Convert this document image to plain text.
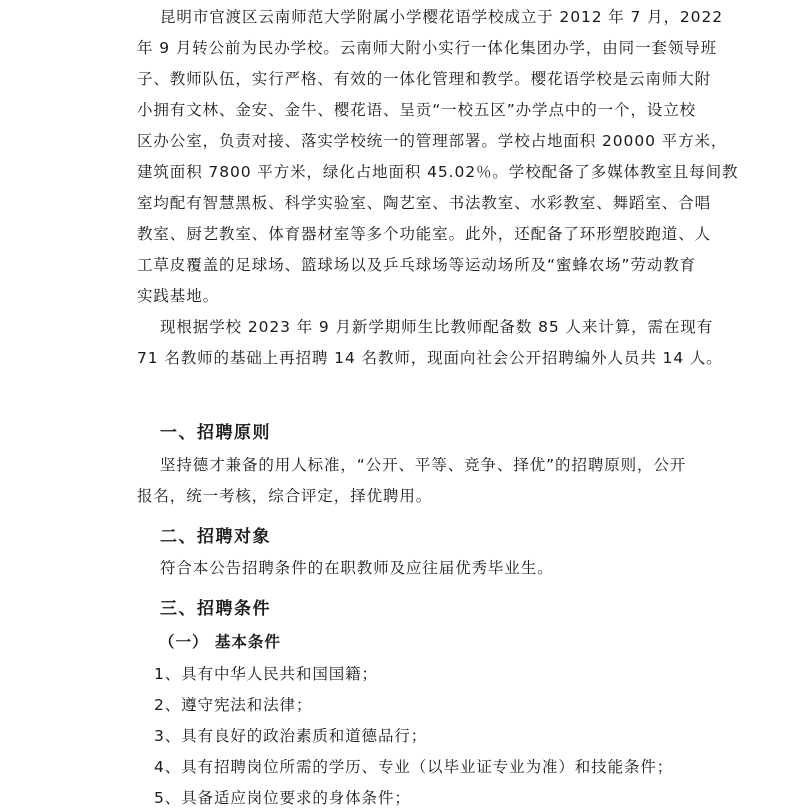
昆明市官渡区云南师范大学附属小学樱花语学校成立于 2012 年 7 月，2022
年 9 月转公前为民办学校。云南师大附小实行一体化集团办学，由同一套领导班
子、教师队伍，实行严格、有效的一体化管理和教学。樱花语学校是云南师大附
小拥有文林、金安、金牛、樱花语、呈贡“一校五区”办学点中的一个，设立校
区办公室，负责对接、落实学校统一的管理部署。学校占地面积 20000 平方米，
建筑面积 7800 平方米，绿化占地面积 45.02％。学校配备了多媒体教室且每间教
室均配有智慧黑板、科学实验室、陶艺室、书法教室、水彩教室、舞蹈室、合唱
教室、厨艺教室、体育器材室等多个功能室。此外，还配备了环形塑胶跑道、人
工草皮覆盖的足球场、篮球场以及乒乓球场等运动场所及“蜜蜂农场”劳动教育
实践基地。
现根据学校 2023 年 9 月新学期师生比教师配备数 85 人来计算，需在现有
71 名教师的基础上再招聘 14 名教师，现面向社会公开招聘编外人员共 14 人。
一、招聘原则
坚持德才兼备的用人标准，“公开、平等、竞争、择优”的招聘原则，公开
报名，统一考核，综合评定，择优聘用。
二、招聘对象
符合本公告招聘条件的在职教师及应往届优秀毕业生。
三、招聘条件
（一） 基本条件
1、具有中华人民共和国国籍；
2、遵守宪法和法律；
3、具有良好的政治素质和道德品行；
4、具有招聘岗位所需的学历、专业（以毕业证专业为准）和技能条件；
5、具备适应岗位要求的身体条件；
